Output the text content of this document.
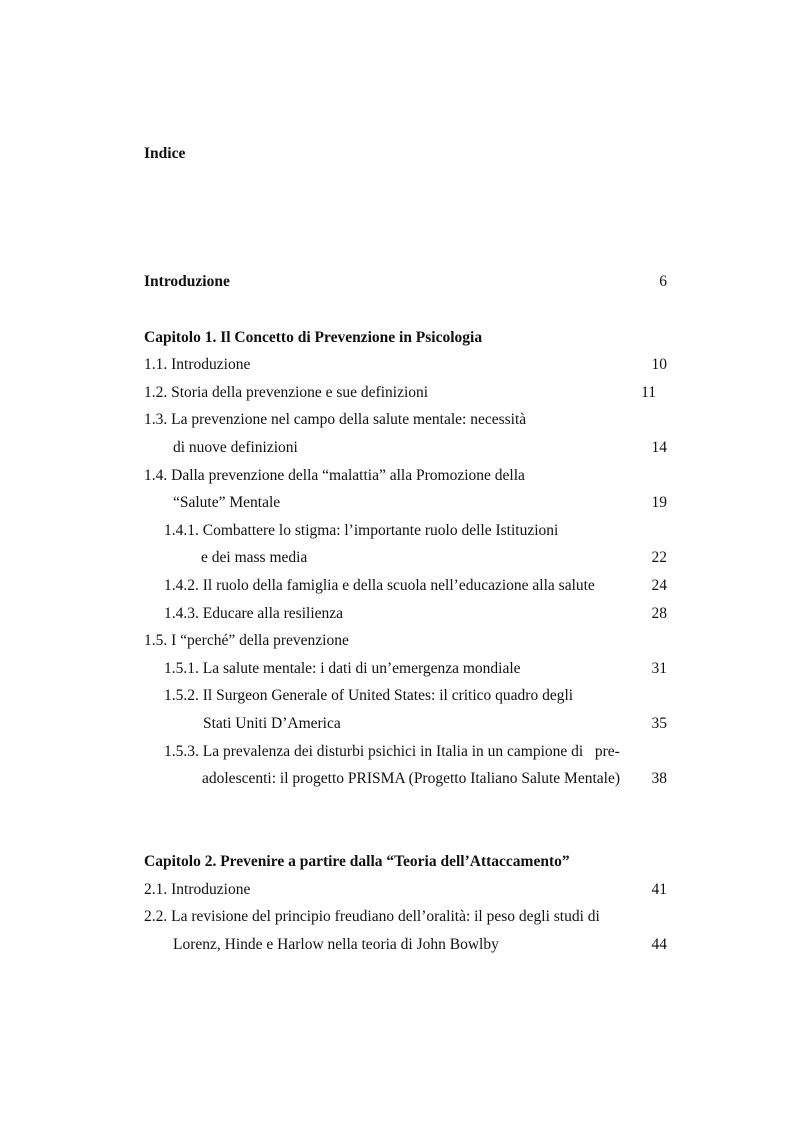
Indice
Introduzione	6
Capitolo 1. Il Concetto di Prevenzione in Psicologia
1.1. Introduzione	10
1.2. Storia della prevenzione e sue definizioni	11
1.3. La prevenzione nel campo della salute mentale: necessità
di nuove definizioni	14
1.4. Dalla prevenzione della “malattia” alla Promozione della
“Salute” Mentale	19
1.4.1. Combattere lo stigma: l’importante ruolo delle Istituzioni
e dei mass media	22
1.4.2. Il ruolo della famiglia e della scuola nell’educazione alla salute	24
1.4.3. Educare alla resilienza	28
1.5. I “perché” della prevenzione
1.5.1. La salute mentale: i dati di un’emergenza mondiale	31
1.5.2. Il Surgeon Generale of United States: il critico quadro degli
Stati Uniti D’America	35
1.5.3. La prevalenza dei disturbi psichici in Italia in un campione di   pre-
adolescenti: il progetto PRISMA (Progetto Italiano Salute Mentale) 38
Capitolo 2. Prevenire a partire dalla “Teoria dell’Attaccamento”
2.1. Introduzione	41
2.2. La revisione del principio freudiano dell’oralità: il peso degli studi di
Lorenz, Hinde e Harlow nella teoria di John Bowlby	44
